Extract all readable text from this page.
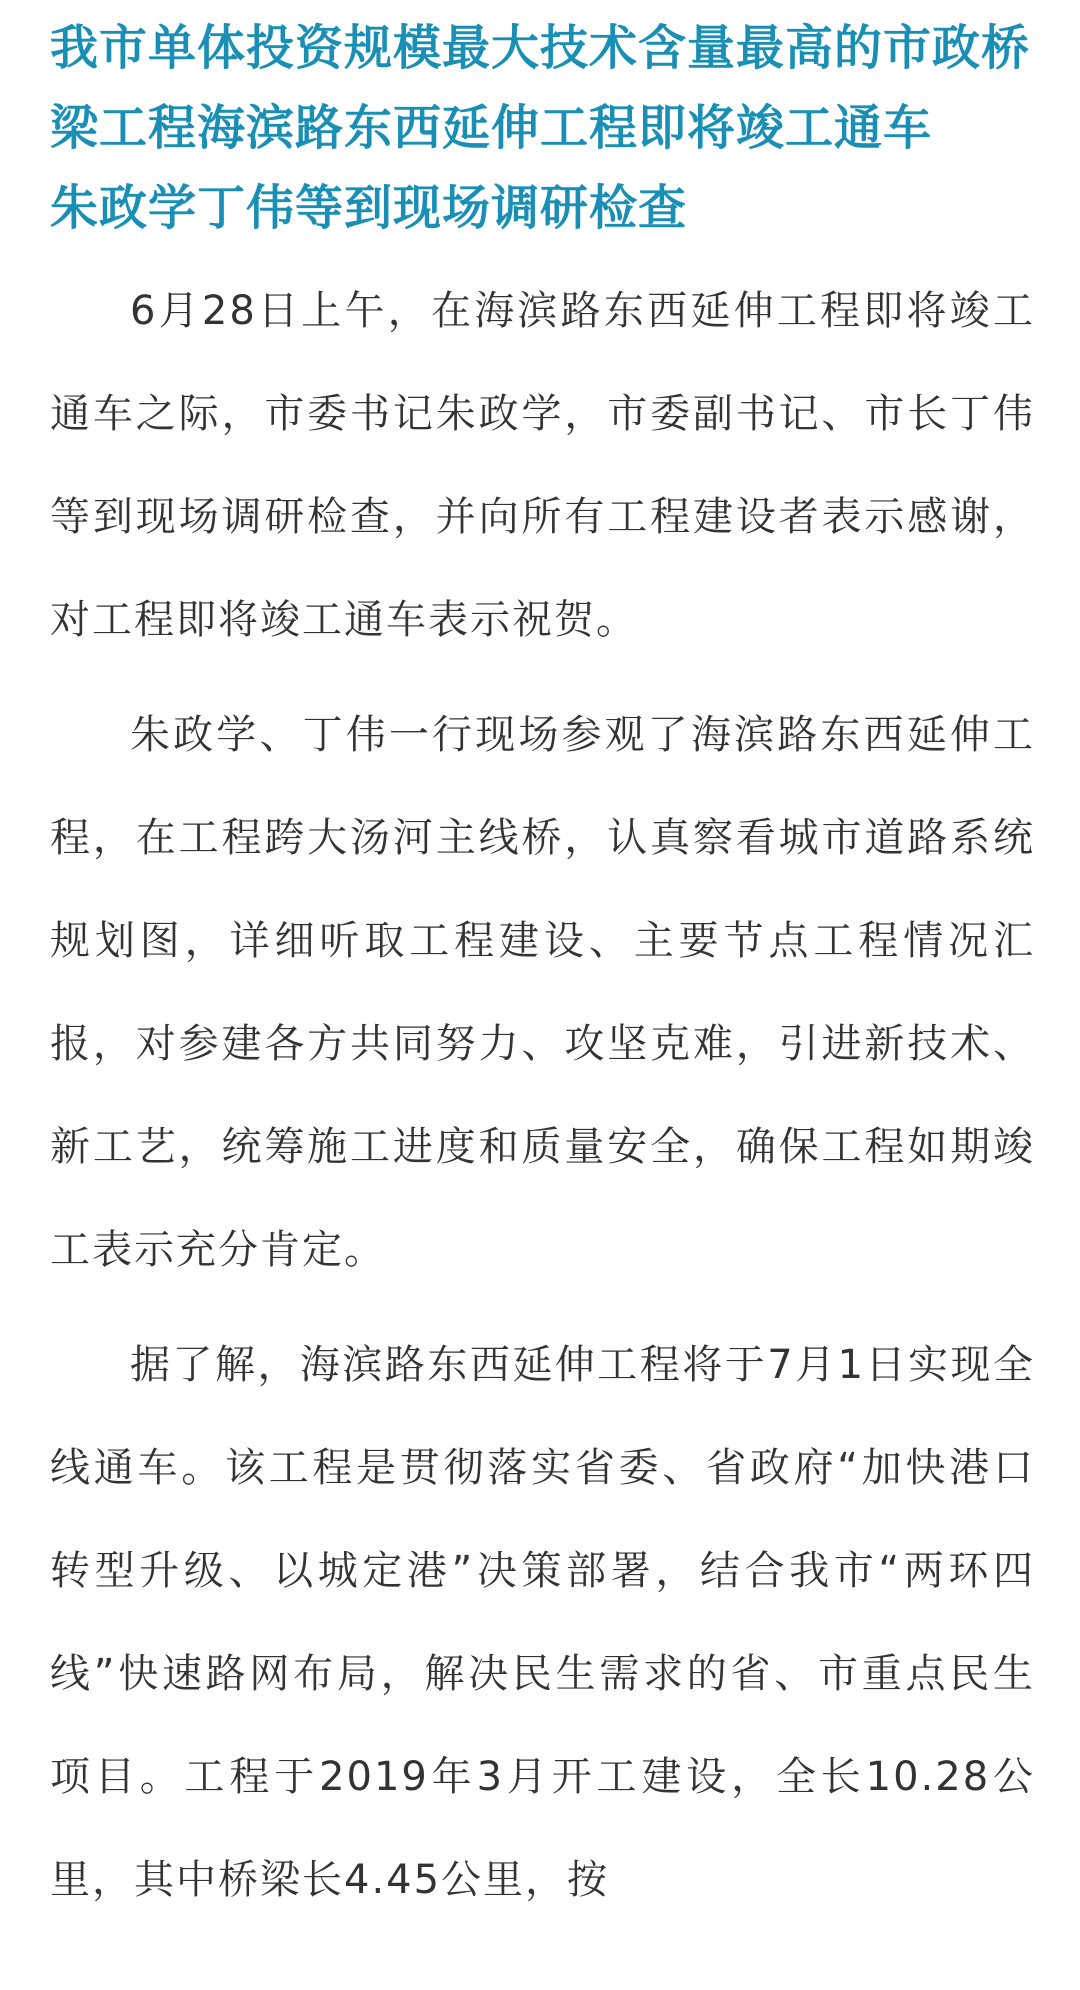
我市单体投资规模最大技术含量最高的市政桥梁工程海滨路东西延伸工程即将竣工通车
朱政学丁伟等到现场调研检查

6月28日上午，在海滨路东西延伸工程即将竣工通车之际，市委书记朱政学，市委副书记、市长丁伟等到现场调研检查，并向所有工程建设者表示感谢，对工程即将竣工通车表示祝贺。

朱政学、丁伟一行现场参观了海滨路东西延伸工程，在工程跨大汤河主线桥，认真察看城市道路系统规划图，详细听取工程建设、主要节点工程情况汇报，对参建各方共同努力、攻坚克难，引进新技术、新工艺，统筹施工进度和质量安全，确保工程如期竣工表示充分肯定。

据了解，海滨路东西延伸工程将于7月1日实现全线通车。该工程是贯彻落实省委、省政府“加快港口转型升级、以城定港”决策部署，结合我市“两环四线”快速路网布局，解决民生需求的省、市重点民生项目。工程于2019年3月开工建设，全长10.28公里，其中桥梁长4.45公里，按
